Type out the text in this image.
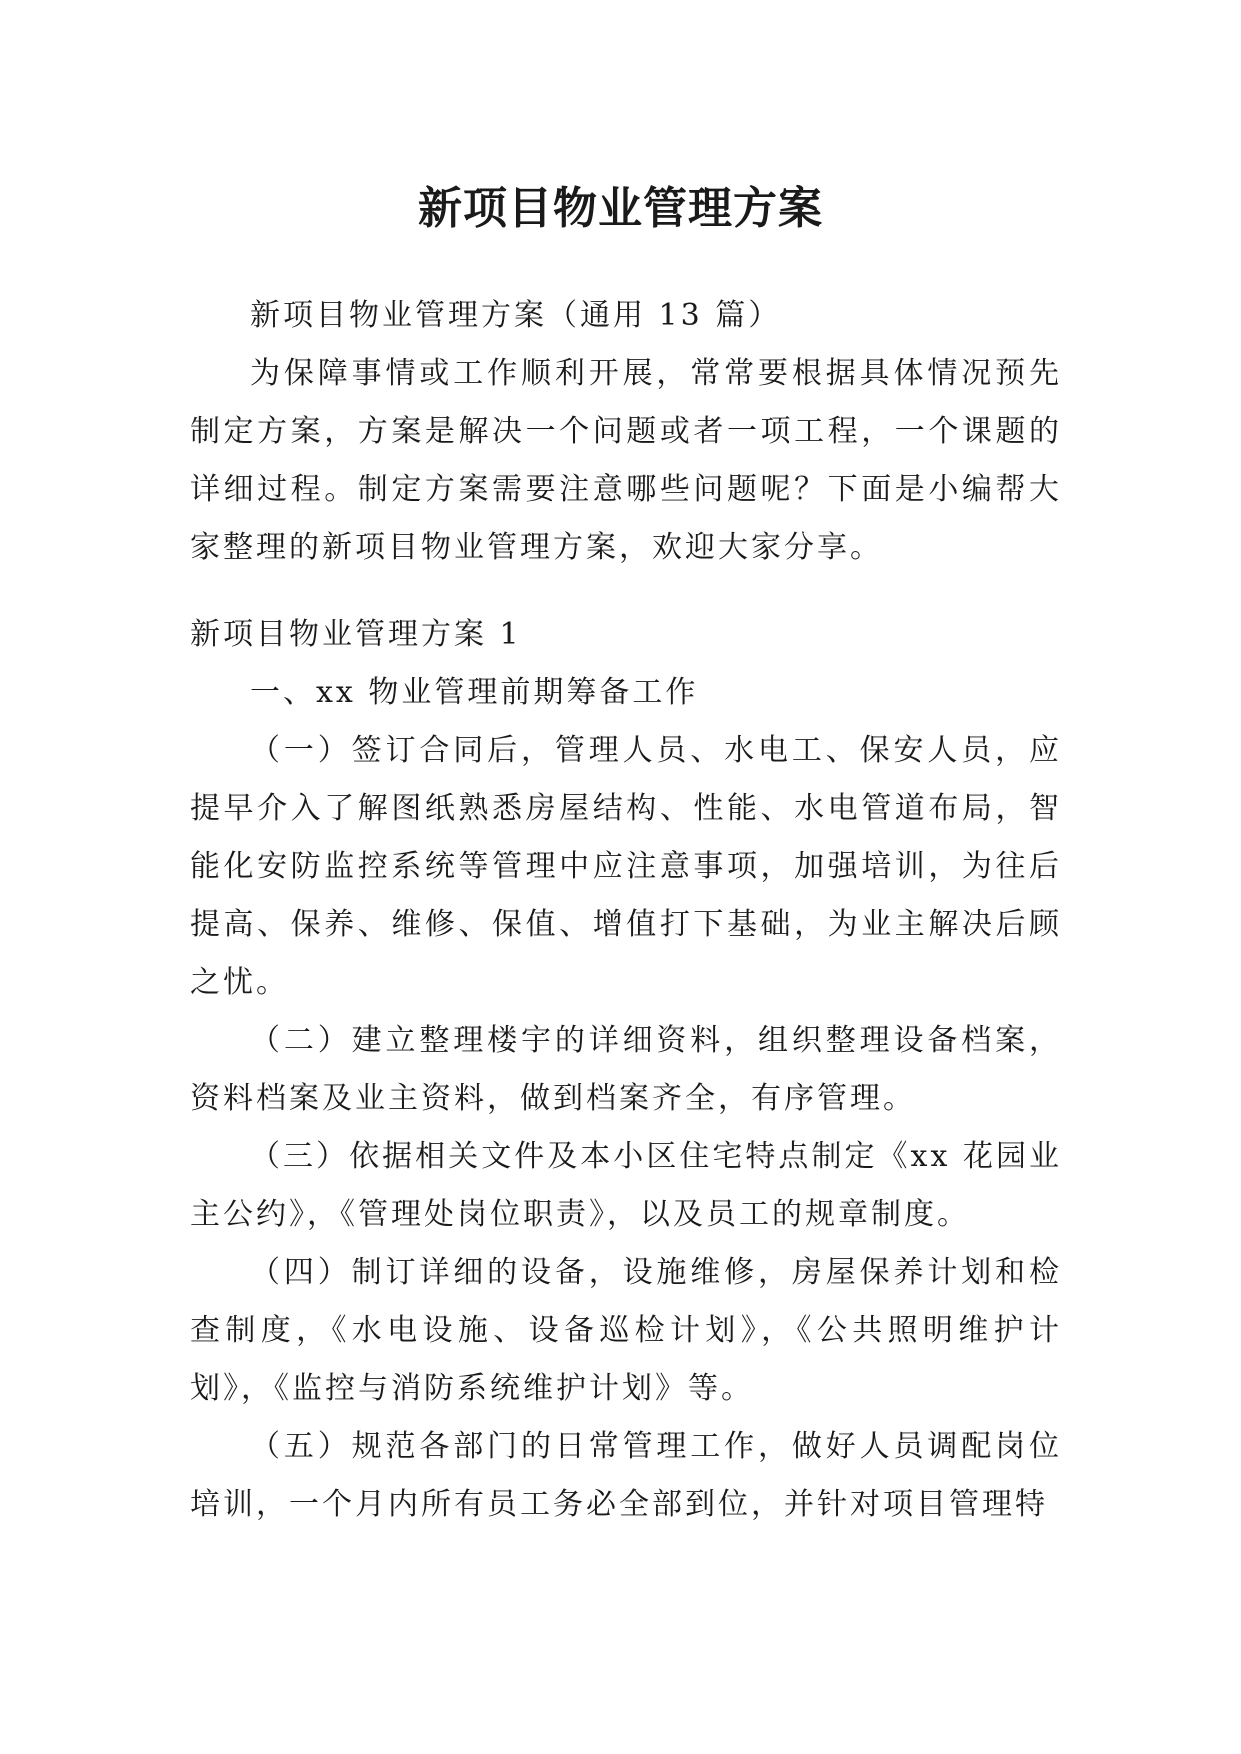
新项目物业管理方案

新项目物业管理方案（通用 13 篇）

为保障事情或工作顺利开展，常常要根据具体情况预先制定方案，方案是解决一个问题或者一项工程，一个课题的详细过程。制定方案需要注意哪些问题呢？下面是小编帮大家整理的新项目物业管理方案，欢迎大家分享。

新项目物业管理方案 1

一、xx 物业管理前期筹备工作

（一）签订合同后，管理人员、水电工、保安人员，应提早介入了解图纸熟悉房屋结构、性能、水电管道布局，智能化安防监控系统等管理中应注意事项，加强培训，为往后提高、保养、维修、保值、增值打下基础，为业主解决后顾之忧。

（二）建立整理楼宇的详细资料，组织整理设备档案，资料档案及业主资料，做到档案齐全，有序管理。

（三）依据相关文件及本小区住宅特点制定《xx 花园业主公约》，《管理处岗位职责》，以及员工的规章制度。

（四）制订详细的设备，设施维修，房屋保养计划和检查制度，《水电设施、设备巡检计划》，《公共照明维护计划》，《监控与消防系统维护计划》等。

（五）规范各部门的日常管理工作，做好人员调配岗位培训，一个月内所有员工务必全部到位，并针对项目管理特
